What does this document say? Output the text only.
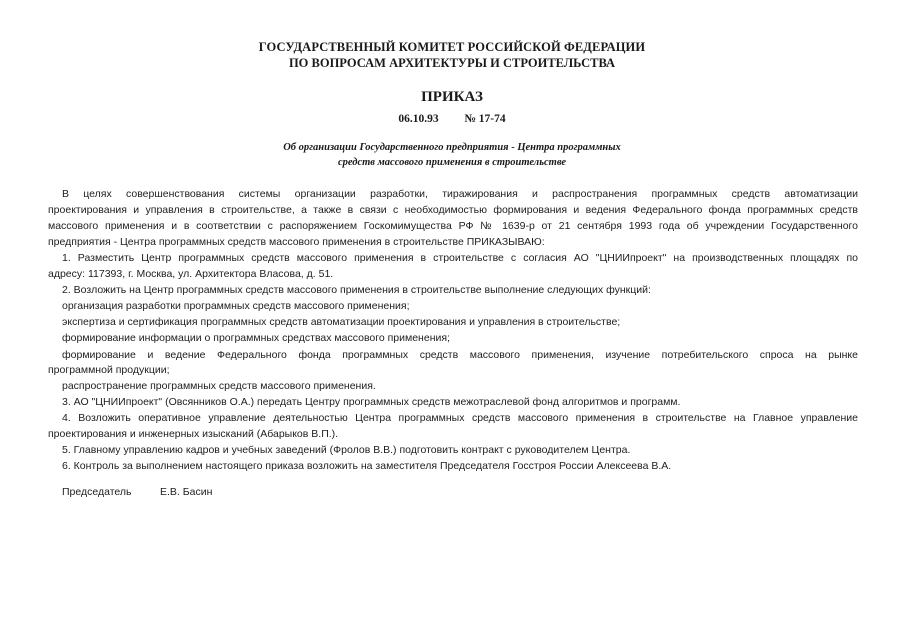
ГОСУДАРСТВЕННЫЙ КОМИТЕТ РОССИЙСКОЙ ФЕДЕРАЦИИ
ПО ВОПРОСАМ АРХИТЕКТУРЫ И СТРОИТЕЛЬСТВА
ПРИКАЗ
06.10.93 № 17-74
Об организации Государственного предприятия - Центра программных
средств массового применения в строительстве
В целях совершенствования системы организации разработки, тиражирования и распространения программных средств автоматизации
проектирования и управления в строительстве, а также в связи с необходимостью формирования и ведения Федерального фонда программных средств
массового применения и в соответствии с распоряжением Госкомимущества РФ № 1639-р от 21 сентября 1993 года об учреждении Государственного
предприятия - Центра программных средств массового применения в строительстве ПРИКАЗЫВАЮ:
1. Разместить Центр программных средств массового применения в строительстве с согласия АО "ЦНИИпроект" на производственных площадях по
адресу: 117393, г. Москва, ул. Архитектора Власова, д. 51.
2. Возложить на Центр программных средств массового применения в строительстве выполнение следующих функций:
организация разработки программных средств массового применения;
экспертиза и сертификация программных средств автоматизации проектирования и управления в строительстве;
формирование информации о программных средствах массового применения;
формирование и ведение Федерального фонда программных средств массового применения, изучение потребительского спроса на рынке
программной продукции;
распространение программных средств массового применения.
3. АО "ЦНИИпроект" (Овсянников О.А.) передать Центру программных средств межотраслевой фонд алгоритмов и программ.
4. Возложить оперативное управление деятельностью Центра программных средств массового применения в строительстве на Главное управление
проектирования и инженерных изысканий (Абарыков В.П.).
5. Главному управлению кадров и учебных заведений (Фролов В.В.) подготовить контракт с руководителем Центра.
6. Контроль за выполнением настоящего приказа возложить на заместителя Председателя Госстроя России Алексеева В.А.
Председатель	Е.В. Басин
